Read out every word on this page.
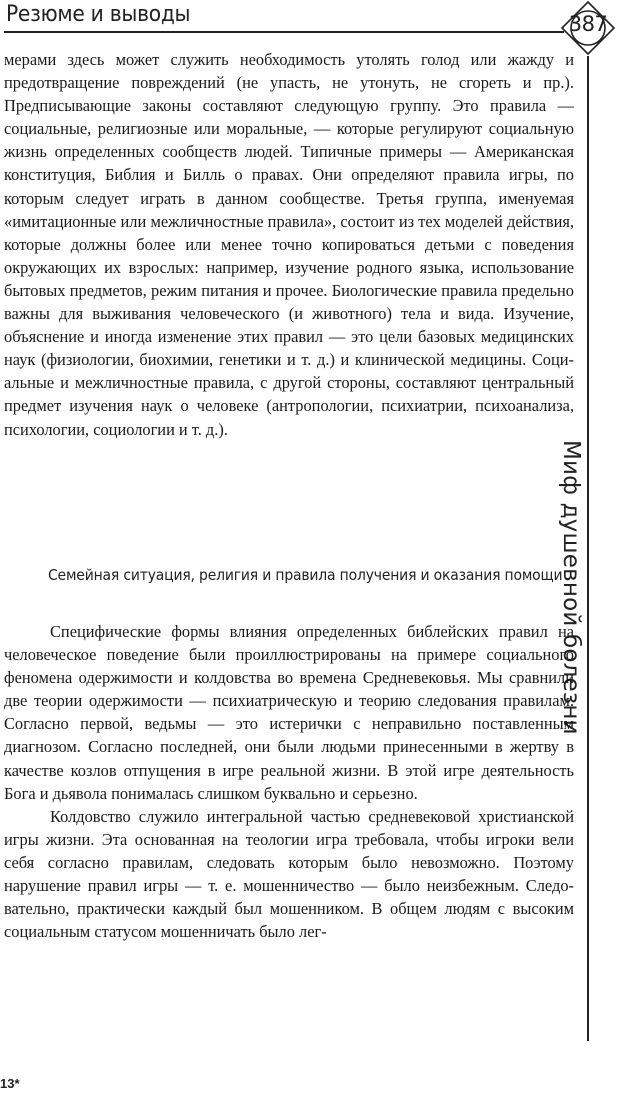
Резюме и выводы	387
Миф душевной болезни

мерами здесь может служить необходимость утолять голод или жажду и предотвращение повреждений (не упасть, не утонуть, не сгореть и пр.). Предписывающие законы составляют следующую группу. Это правила — социальные, религиозные или моральные, — которые регулируют социальную жизнь определенных сообществ людей. Типичные примеры — Американская конституция, Библия и Билль о правах. Они определяют правила игры, по которым следует играть в данном сообществе. Третья группа, именуемая «имитационные или межличностные правила», состоит из тех моделей действия, которые должны более или менее точно копироваться детьми с поведения окружающих их взрослых: например, изучение родного языка, использование бытовых предметов, режим питания и прочее. Биологические правила предельно важны для выживания человеческого (и животного) тела и вида. Изучение, объяснение и иногда изменение этих правил — это цели базовых медицинских наук (физиологии, биохимии, генетики и т. д.) и клинической медицины. Социальные и межличностные правила, с другой стороны, составляют центральный предмет изучения наук о человеке (антропологии, психиатрии, психоанализа, психологии, социологии и т. д.).

Семейная ситуация, религия и правила получения и оказания помощи

Специфические формы влияния определенных библейских правил на человеческое поведение были проиллюстрированы на примере социального феномена одержимости и колдовства во времена Средневековья. Мы сравнили две теории одержимости — психиатрическую и теорию следования правилам. Согласно первой, ведьмы — это истерички с неправильно поставленным диагнозом. Согласно последней, они были людьми принесенными в жертву в качестве козлов отпущения в игре реальной жизни. В этой игре деятельность Бога и дьявола понималась слишком буквально и серьезно.

Колдовство служило интегральной частью средневековой христианской игры жизни. Эта основанная на теологии игра требовала, чтобы игроки вели себя согласно правилам, следовать которым было невозможно. Поэтому нарушение правил игры — т. е. мошенничество — было неизбежным. Следовательно, практически каждый был мошенником. В общем людям с высоким социальным статусом мошенничать было лег-

13*
